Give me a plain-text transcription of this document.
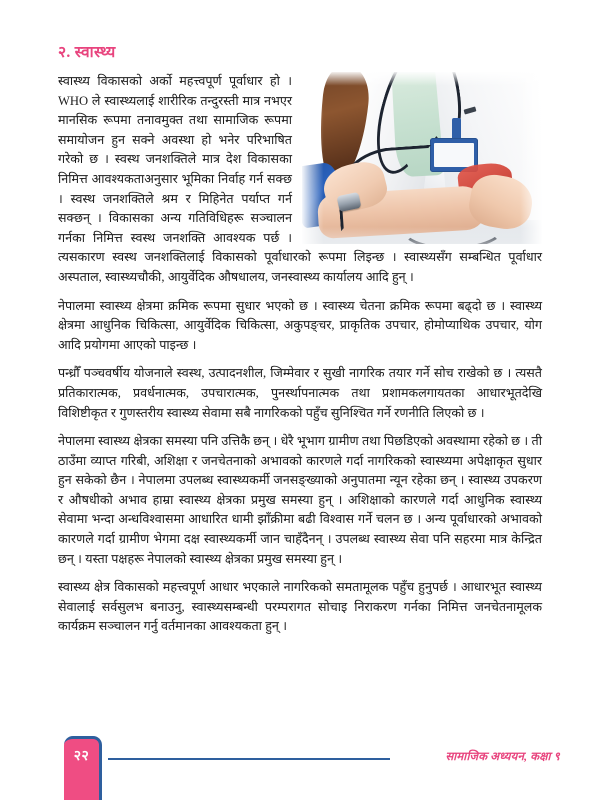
२. स्वास्थ्य

स्वास्थ्य विकासको अर्को महत्त्वपूर्ण पूर्वाधार हो । WHO ले स्वास्थ्यलाई शारीरिक तन्दुरस्ती मात्र नभएर मानसिक रूपमा तनावमुक्त तथा सामाजिक रूपमा समायोजन हुन सक्ने अवस्था हो भनेर परिभाषित गरेको छ । स्वस्थ जनशक्तिले मात्र देश विकासका निमित्त आवश्यकताअनुसार भूमिका निर्वाह गर्न सक्छ । स्वस्थ जनशक्तिले श्रम र मिहिनेत पर्याप्त गर्न सक्छन् । विकासका अन्य गतिविधिहरू सञ्चालन गर्नका निमित्त स्वस्थ जनशक्ति आवश्यक पर्छ । त्यसकारण स्वस्थ जनशक्तिलाई विकासको पूर्वाधारको रूपमा लिइन्छ । स्वास्थ्यसँग सम्बन्धित पूर्वाधार अस्पताल, स्वास्थ्यचौकी, आयुर्वेदिक औषधालय, जनस्वास्थ्य कार्यालय आदि हुन् ।

नेपालमा स्वास्थ्य क्षेत्रमा क्रमिक रूपमा सुधार भएको छ । स्वास्थ्य चेतना क्रमिक रूपमा बढ्दो छ । स्वास्थ्य क्षेत्रमा आधुनिक चिकित्सा, आयुर्वेदिक चिकित्सा, अकुपङ्चर, प्राकृतिक उपचार, होमोप्याथिक उपचार, योग आदि प्रयोगमा आएको पाइन्छ ।

पन्ध्रौँ पञ्चवर्षीय योजनाले स्वस्थ, उत्पादनशील, जिम्मेवार र सुखी नागरिक तयार गर्ने सोच राखेको छ । त्यसतै प्रतिकारात्मक, प्रवर्धनात्मक, उपचारात्मक, पुनर्स्थापनात्मक तथा प्रशामकलगायतका आधारभूतदेखि विशिष्टीकृत र गुणस्तरीय स्वास्थ्य सेवामा सबै नागरिकको पहुँच सुनिश्चित गर्ने रणनीति लिएको छ ।

नेपालमा स्वास्थ्य क्षेत्रका समस्या पनि उत्तिकै छन् । धेरै भूभाग ग्रामीण तथा पिछडिएको अवस्थामा रहेको छ । ती ठाउँमा व्याप्त गरिबी, अशिक्षा र जनचेतनाको अभावको कारणले गर्दा नागरिकको स्वास्थ्यमा अपेक्षाकृत सुधार हुन सकेको छैन । नेपालमा उपलब्ध स्वास्थ्यकर्मी जनसङ्ख्याको अनुपातमा न्यून रहेका छन् । स्वास्थ्य उपकरण र औषधीको अभाव हाम्रा स्वास्थ्य क्षेत्रका प्रमुख समस्या हुन् । अशिक्षाको कारणले गर्दा आधुनिक स्वास्थ्य सेवामा भन्दा अन्धविश्वासमा आधारित धामी झाँक्रीमा बढी विश्वास गर्ने चलन छ । अन्य पूर्वाधारको अभावको कारणले गर्दा ग्रामीण भेगमा दक्ष स्वास्थ्यकर्मी जान चाहँदैनन् । उपलब्ध स्वास्थ्य सेवा पनि सहरमा मात्र केन्द्रित छन् । यस्ता पक्षहरू नेपालको स्वास्थ्य क्षेत्रका प्रमुख समस्या हुन् ।

स्वास्थ्य क्षेत्र विकासको महत्त्वपूर्ण आधार भएकाले नागरिकको समतामूलक पहुँच हुनुपर्छ । आधारभूत स्वास्थ्य सेवालाई सर्वसुलभ बनाउनु, स्वास्थ्यसम्बन्धी परम्परागत सोचाइ निराकरण गर्नका निमित्त जनचेतनामूलक कार्यक्रम सञ्चालन गर्नु वर्तमानका आवश्यकता हुन् ।

२२	सामाजिक अध्ययन, कक्षा ९
